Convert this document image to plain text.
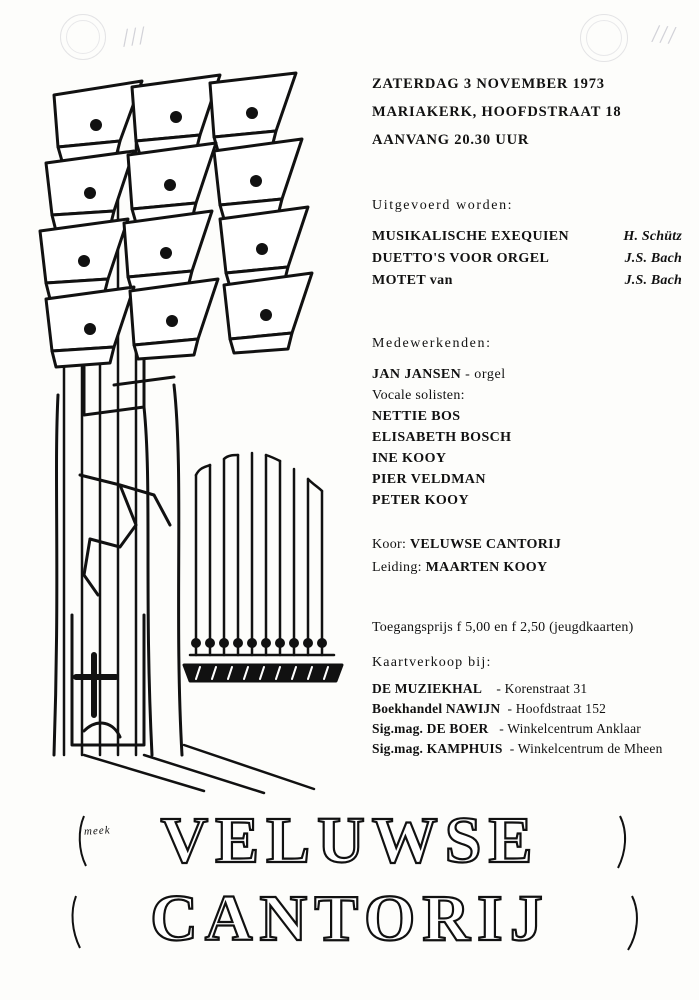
///	///
meek
ZATERDAG 3 NOVEMBER 1973
MARIAKERK, HOOFDSTRAAT 18
AANVANG 20.30 UUR
Uitgevoerd worden:
MUSIKALISCHE EXEQUIEN	H. Schütz
DUETTO'S VOOR ORGEL	J.S. Bach
MOTET van	J.S. Bach
Medewerkenden:
JAN JANSEN - orgel
Vocale solisten:
NETTIE BOS
ELISABETH BOSCH
INE KOOY
PIER VELDMAN
PETER KOOY
Koor: VELUWSE CANTORIJ
Leiding: MAARTEN KOOY
Toegangsprijs f 5,00 en f 2,50 (jeugdkaarten)
Kaartverkoop bij:
DE MUZIEKHAL - Korenstraat 31
Boekhandel NAWIJN - Hoofdstraat 152
Sig.mag. DE BOER - Winkelcentrum Anklaar
Sig.mag. KAMPHUIS - Winkelcentrum de Mheen
VELUWSE
CANTORIJ
